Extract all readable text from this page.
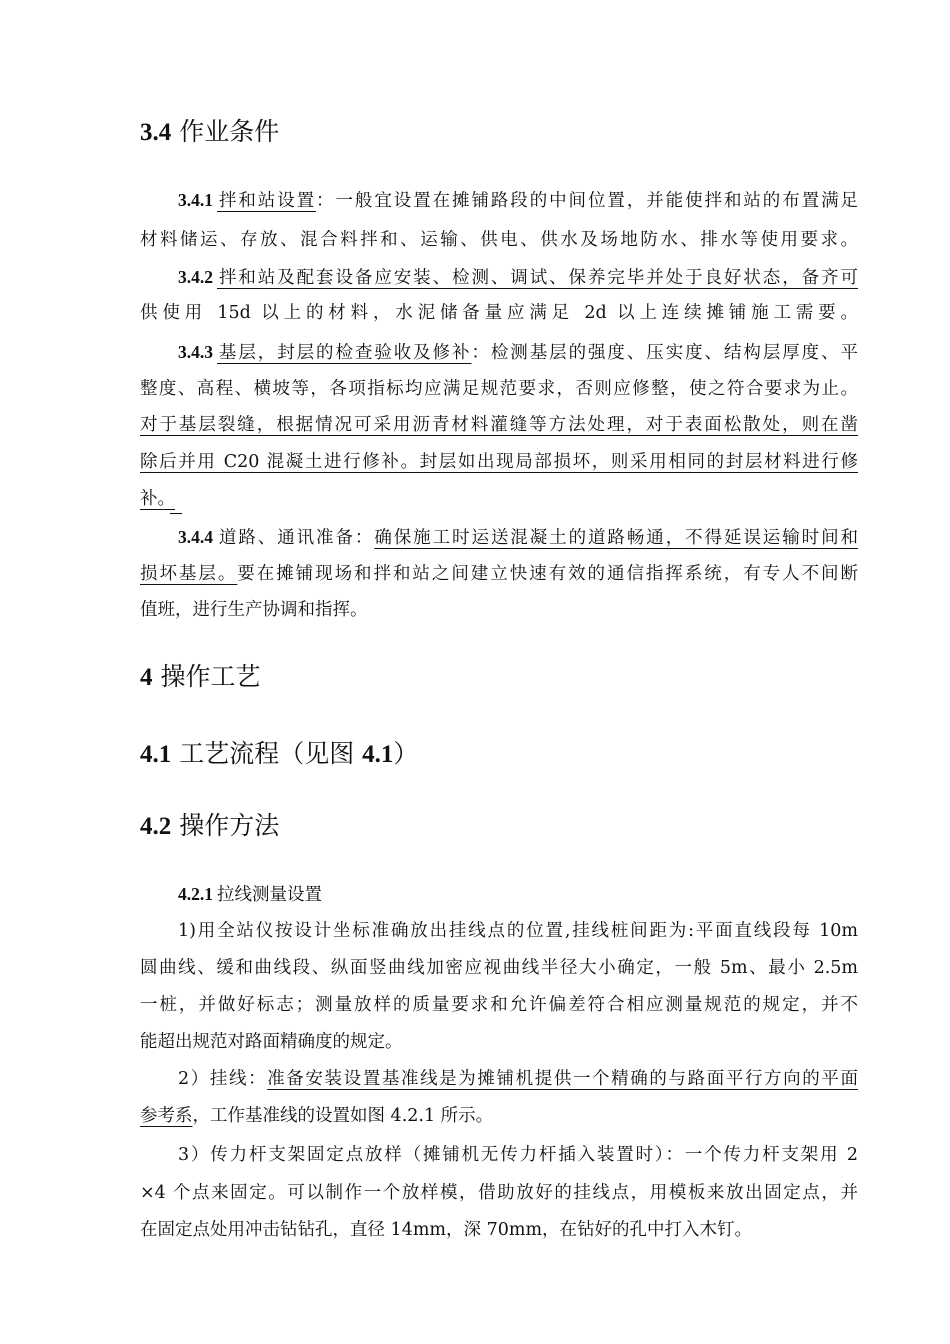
3.4 作业条件
3.4.1 拌和站设置：一般宜设置在摊铺路段的中间位置，并能使拌和站的布置满足
材料储运、存放、混合料拌和、运输、供电、供水及场地防水、排水等使用要求。
3.4.2 拌和站及配套设备应安装、检测、调试、保养完毕并处于良好状态，备齐可
供使用 15d 以上的材料，水泥储备量应满足 2d 以上连续摊铺施工需要。
3.4.3 基层，封层的检查验收及修补：检测基层的强度、压实度、结构层厚度、平
整度、高程、横坡等，各项指标均应满足规范要求，否则应修整，使之符合要求为止。
对于基层裂缝，根据情况可采用沥青材料灌缝等方法处理，对于表面松散处，则在凿
除后并用 C20 混凝土进行修补。封层如出现局部损坏，则采用相同的封层材料进行修
补。
3.4.4 道路、通讯准备：确保施工时运送混凝土的道路畅通，不得延误运输时间和
损坏基层。要在摊铺现场和拌和站之间建立快速有效的通信指挥系统，有专人不间断
值班，进行生产协调和指挥。
4 操作工艺
4.1 工艺流程（见图 4.1）
4.2 操作方法
4.2.1 拉线测量设置
1)用全站仪按设计坐标准确放出挂线点的位置,挂线桩间距为:平面直线段每 10m
圆曲线、缓和曲线段、纵面竖曲线加密应视曲线半径大小确定，一般 5m、最小 2.5m
一桩，并做好标志；测量放样的质量要求和允许偏差符合相应测量规范的规定，并不
能超出规范对路面精确度的规定。
2）挂线：准备安装设置基准线是为摊铺机提供一个精确的与路面平行方向的平面
参考系，工作基准线的设置如图 4.2.1 所示。
3）传力杆支架固定点放样（摊铺机无传力杆插入装置时）：一个传力杆支架用 2
×4 个点来固定。可以制作一个放样模，借助放好的挂线点，用模板来放出固定点，并
在固定点处用冲击钻钻孔，直径 14mm，深 70mm，在钻好的孔中打入木钉。
